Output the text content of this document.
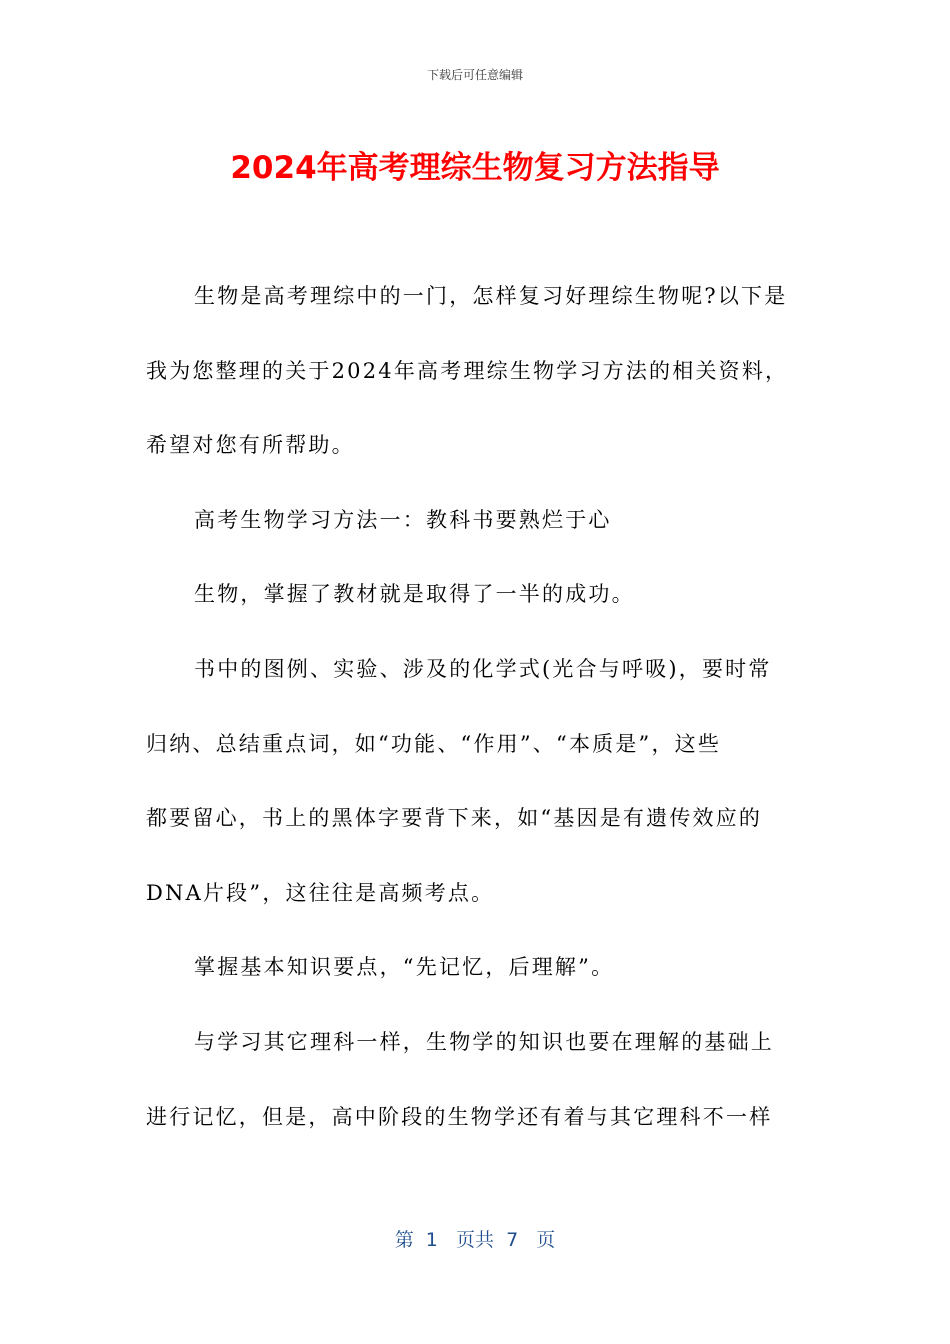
下载后可任意编辑
2024年高考理综生物复习方法指导
生物是高考理综中的一门，怎样复习好理综生物呢?以下是
我为您整理的关于2024年高考理综生物学习方法的相关资料，
希望对您有所帮助。
高考生物学习方法一：教科书要熟烂于心
生物，掌握了教材就是取得了一半的成功。
书中的图例、实验、涉及的化学式(光合与呼吸)，要时常
归纳、总结重点词，如“功能、“作用”、“本质是”，这些
都要留心，书上的黑体字要背下来，如“基因是有遗传效应的
DNA片段”，这往往是高频考点。
掌握基本知识要点，“先记忆，后理解”。
与学习其它理科一样，生物学的知识也要在理解的基础上
进行记忆，但是，高中阶段的生物学还有着与其它理科不一样
第  1   页共  7   页
